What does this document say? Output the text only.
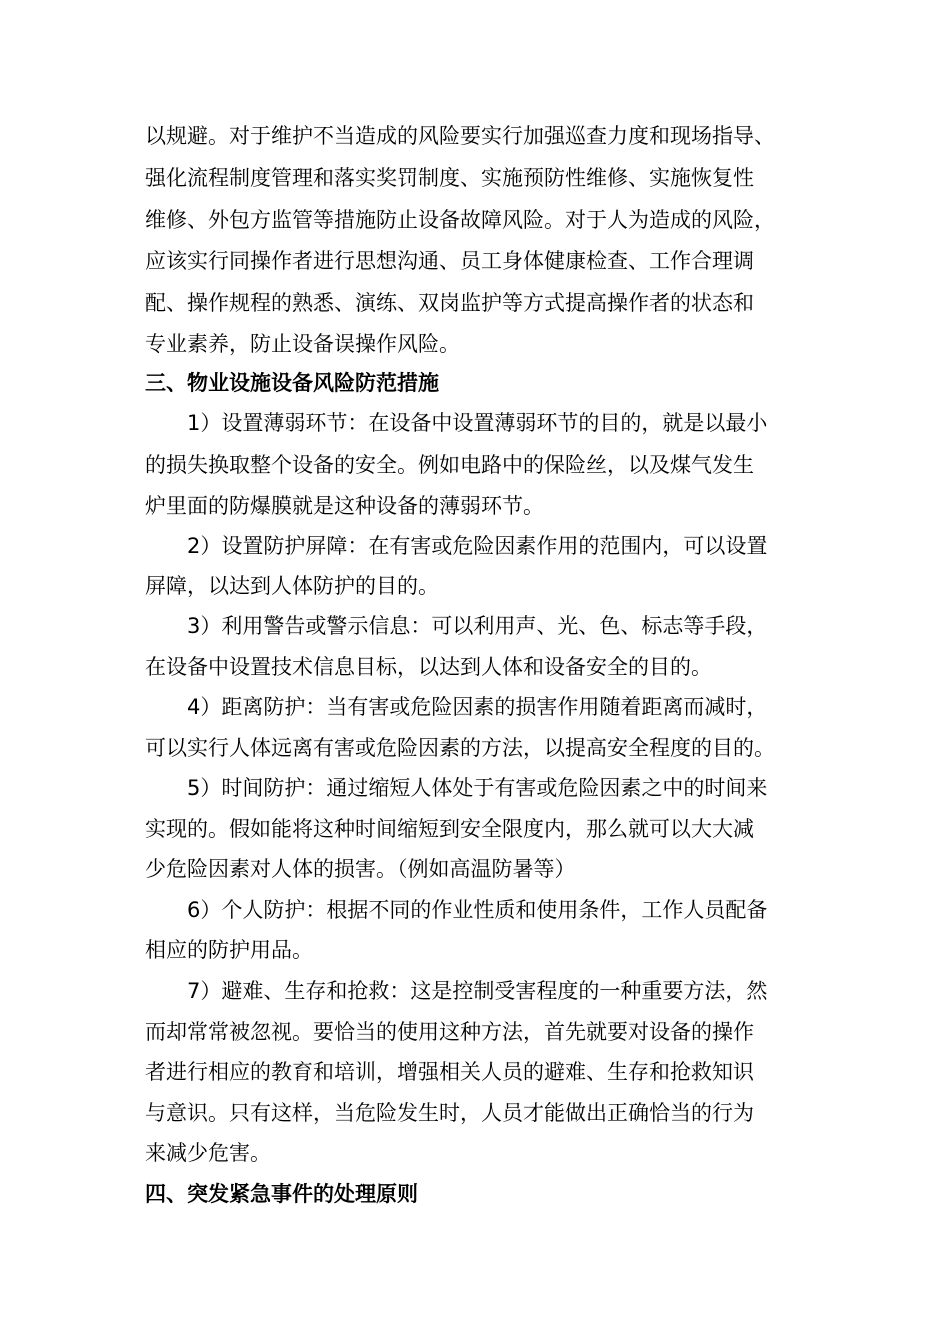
以规避。对于维护不当造成的风险要实行加强巡查力度和现场指导、
强化流程制度管理和落实奖罚制度、实施预防性维修、实施恢复性
维修、外包方监管等措施防止设备故障风险。对于人为造成的风险，
应该实行同操作者进行思想沟通、员工身体健康检查、工作合理调
配、操作规程的熟悉、演练、双岗监护等方式提高操作者的状态和
专业素养，防止设备误操作风险。
三、物业设施设备风险防范措施
1）设置薄弱环节：在设备中设置薄弱环节的目的，就是以最小
的损失换取整个设备的安全。例如电路中的保险丝，以及煤气发生
炉里面的防爆膜就是这种设备的薄弱环节。
2）设置防护屏障：在有害或危险因素作用的范围内，可以设置
屏障，以达到人体防护的目的。
3）利用警告或警示信息：可以利用声、光、色、标志等手段，
在设备中设置技术信息目标，以达到人体和设备安全的目的。
4）距离防护：当有害或危险因素的损害作用随着距离而减时，
可以实行人体远离有害或危险因素的方法，以提高安全程度的目的。
5）时间防护：通过缩短人体处于有害或危险因素之中的时间来
实现的。假如能将这种时间缩短到安全限度内，那么就可以大大减
少危险因素对人体的损害。（例如高温防暑等）
6）个人防护：根据不同的作业性质和使用条件，工作人员配备
相应的防护用品。
7）避难、生存和抢救：这是控制受害程度的一种重要方法，然
而却常常被忽视。要恰当的使用这种方法，首先就要对设备的操作
者进行相应的教育和培训，增强相关人员的避难、生存和抢救知识
与意识。只有这样，当危险发生时，人员才能做出正确恰当的行为
来减少危害。
四、突发紧急事件的处理原则
